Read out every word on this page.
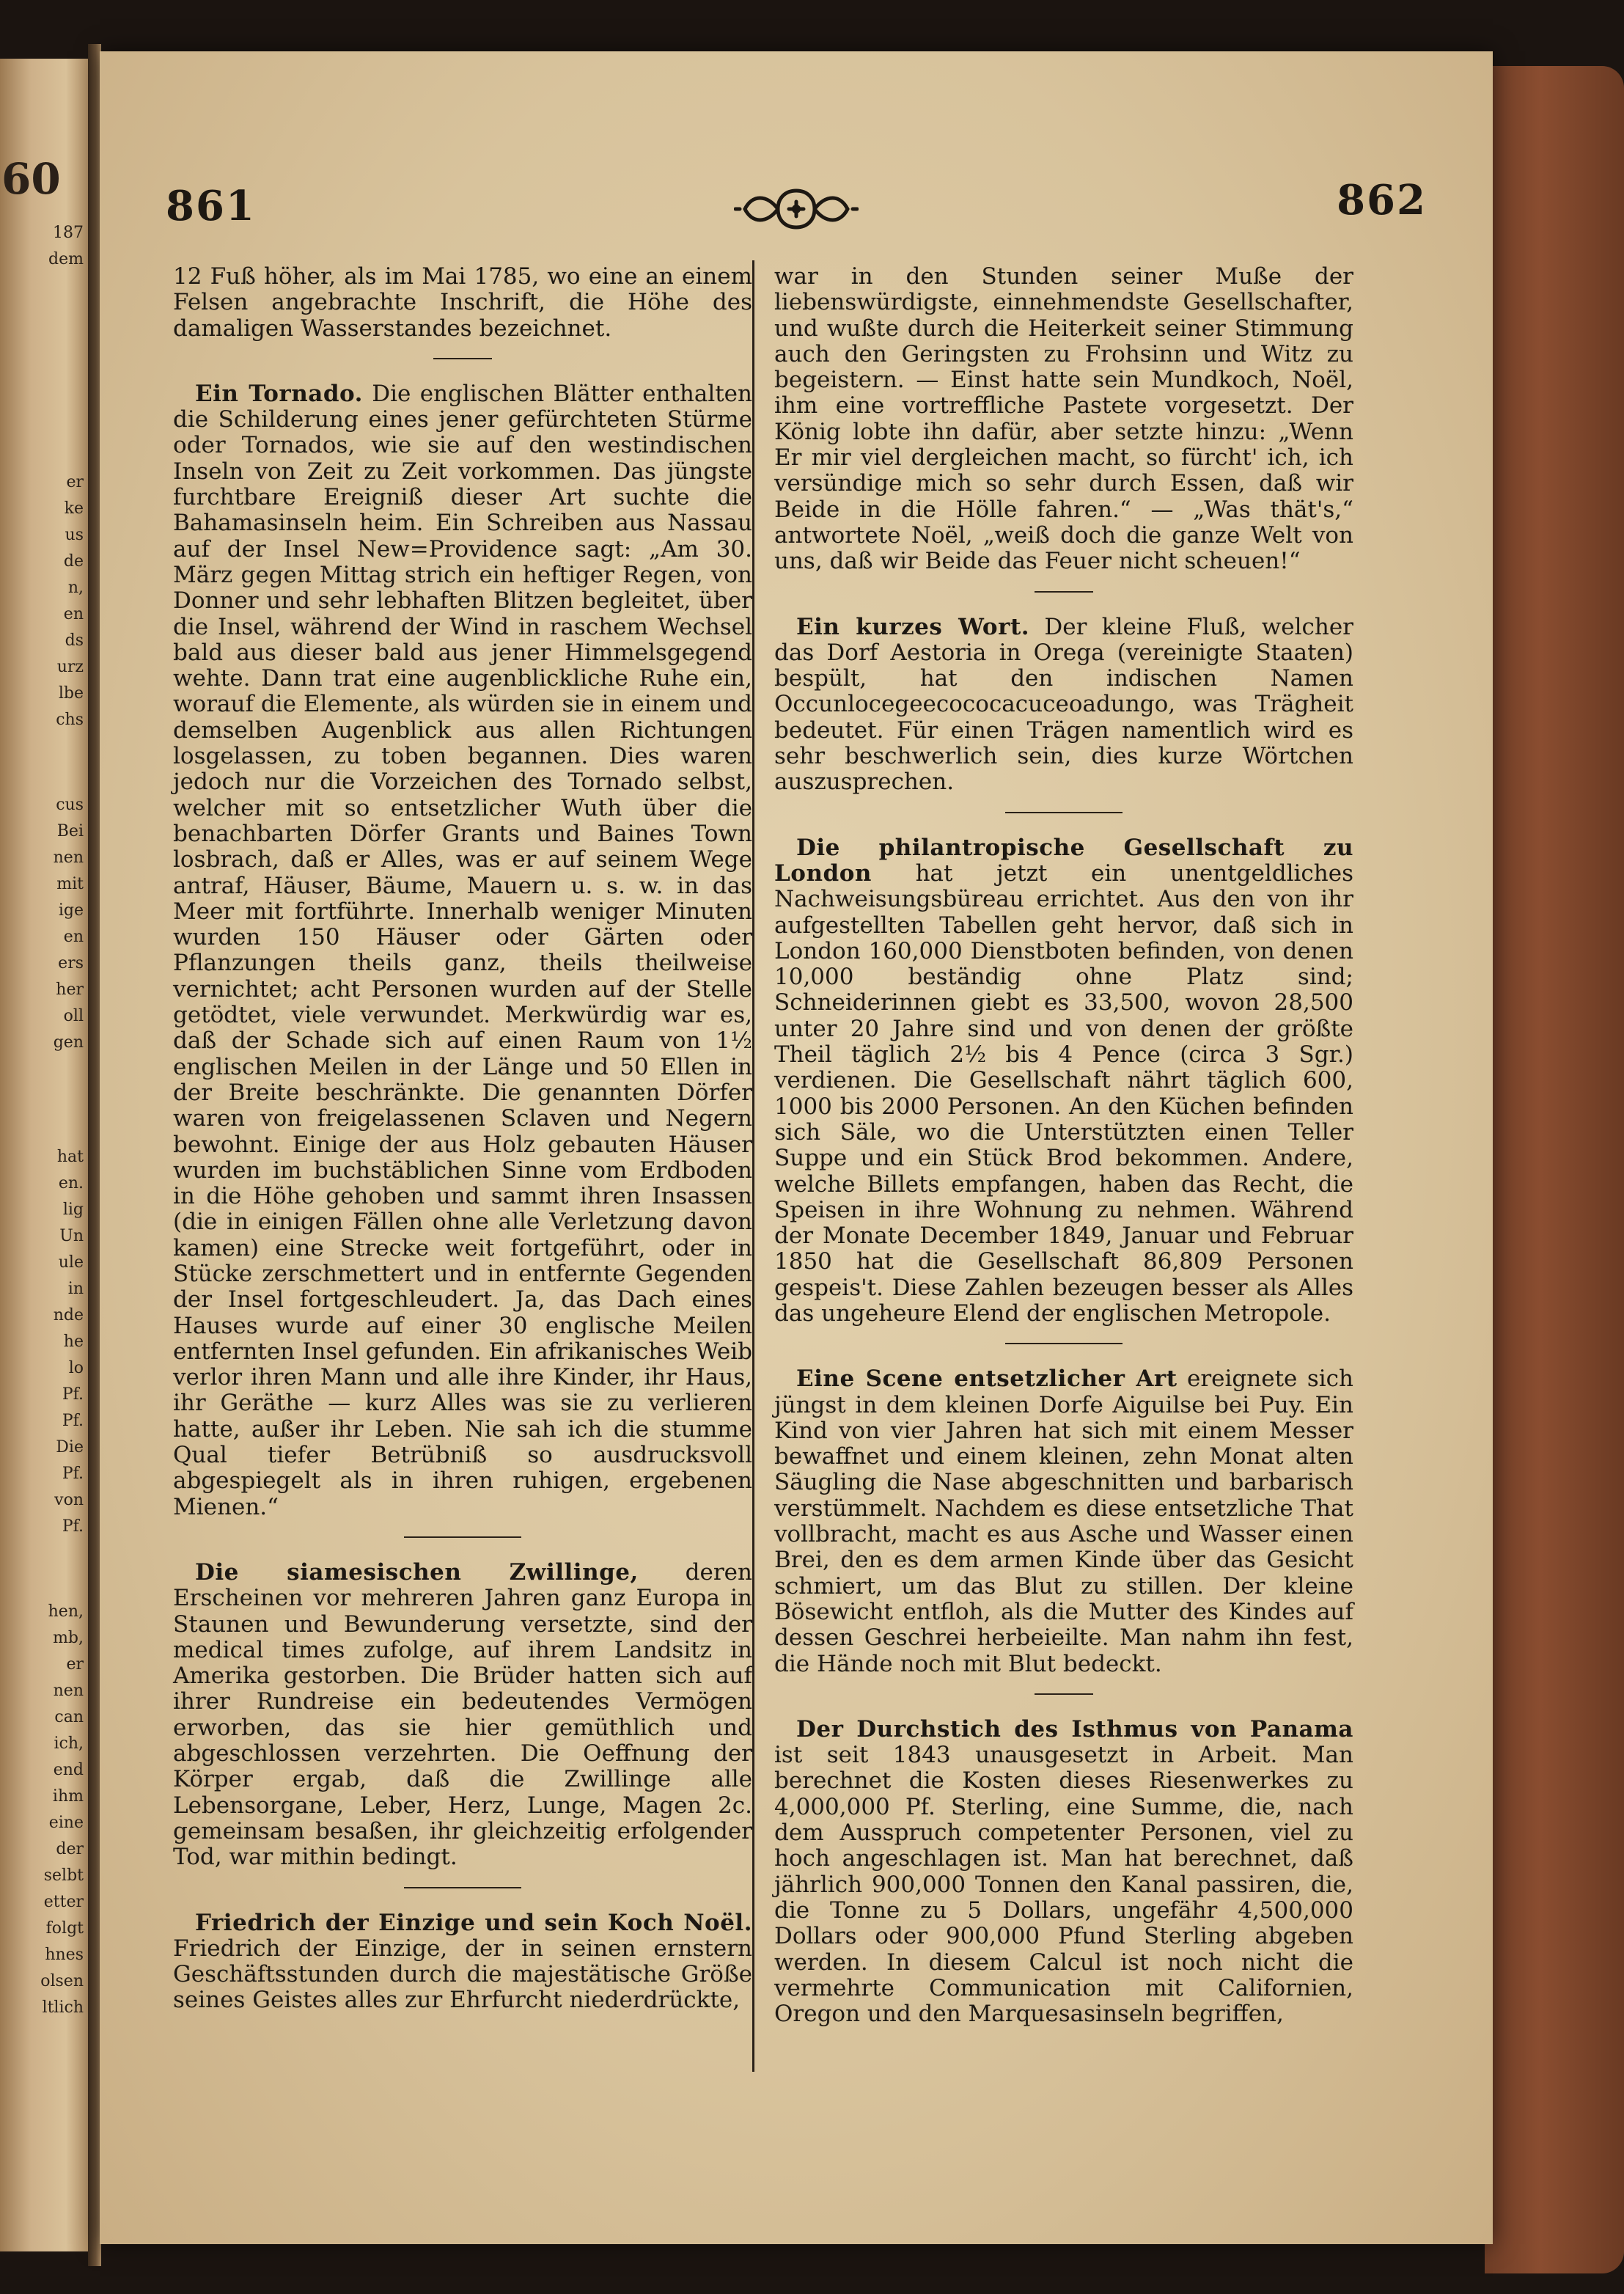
60
187
dem
er
ke
us
de
n,
en
ds
urz
lbe
chs
cus
Bei
nen
mit
ige
en
ers
her
oll
gen
hat
en.
lig
Un
ule
in
nde
he
lo
Pf.
Pf.
Die
Pf.
von
Pf.
hen,
mb,
er
nen
can
ich,
end
ihm
eine
der
selbt
etter
folgt
hnes
olsen
ltlich
861	862

12 Fuß höher, als im Mai 1785, wo eine an einem Felsen angebrachte Inschrift, die Höhe des damaligen Wasserstandes bezeichnet.

Ein Tornado. Die englischen Blätter enthalten die Schilderung eines jener gefürchteten Stürme oder Tornados, wie sie auf den westindischen Inseln von Zeit zu Zeit vorkommen. Das jüngste furchtbare Ereigniß dieser Art suchte die Bahamasinseln heim. Ein Schreiben aus Nassau auf der Insel New=Providence sagt: „Am 30. März gegen Mittag strich ein heftiger Regen, von Donner und sehr lebhaften Blitzen begleitet, über die Insel, während der Wind in raschem Wechsel bald aus dieser bald aus jener Himmelsgegend wehte. Dann trat eine augenblickliche Ruhe ein, worauf die Elemente, als würden sie in einem und demselben Augenblick aus allen Richtungen losgelassen, zu toben begannen. Dies waren jedoch nur die Vorzeichen des Tornado selbst, welcher mit so entsetzlicher Wuth über die benachbarten Dörfer Grants und Baines Town losbrach, daß er Alles, was er auf seinem Wege antraf, Häuser, Bäume, Mauern u. s. w. in das Meer mit fortführte. Innerhalb weniger Minuten wurden 150 Häuser oder Gärten oder Pflanzungen theils ganz, theils theilweise vernichtet; acht Personen wurden auf der Stelle getödtet, viele verwundet. Merkwürdig war es, daß der Schade sich auf einen Raum von 1½ englischen Meilen in der Länge und 50 Ellen in der Breite beschränkte. Die genannten Dörfer waren von freigelassenen Sclaven und Negern bewohnt. Einige der aus Holz gebauten Häuser wurden im buchstäblichen Sinne vom Erdboden in die Höhe gehoben und sammt ihren Insassen (die in einigen Fällen ohne alle Verletzung davon kamen) eine Strecke weit fortgeführt, oder in Stücke zerschmettert und in entfernte Gegenden der Insel fortgeschleudert. Ja, das Dach eines Hauses wurde auf einer 30 englische Meilen entfernten Insel gefunden. Ein afrikanisches Weib verlor ihren Mann und alle ihre Kinder, ihr Haus, ihr Geräthe — kurz Alles was sie zu verlieren hatte, außer ihr Leben. Nie sah ich die stumme Qual tiefer Betrübniß so ausdrucksvoll abgespiegelt als in ihren ruhigen, ergebenen Mienen.“

Die siamesischen Zwillinge, deren Erscheinen vor mehreren Jahren ganz Europa in Staunen und Bewunderung versetzte, sind der medical times zufolge, auf ihrem Landsitz in Amerika gestorben. Die Brüder hatten sich auf ihrer Rundreise ein bedeutendes Vermögen erworben, das sie hier gemüthlich und abgeschlossen verzehrten. Die Oeffnung der Körper ergab, daß die Zwillinge alle Lebensorgane, Leber, Herz, Lunge, Magen 2c. gemeinsam besaßen, ihr gleichzeitig erfolgender Tod, war mithin bedingt.

Friedrich der Einzige und sein Koch Noël. Friedrich der Einzige, der in seinen ernstern Geschäftsstunden durch die majestätische Größe seines Geistes alles zur Ehrfurcht niederdrückte,

war in den Stunden seiner Muße der liebenswürdigste, einnehmendste Gesellschafter, und wußte durch die Heiterkeit seiner Stimmung auch den Geringsten zu Frohsinn und Witz zu begeistern. — Einst hatte sein Mundkoch, Noël, ihm eine vortreffliche Pastete vorgesetzt. Der König lobte ihn dafür, aber setzte hinzu: „Wenn Er mir viel dergleichen macht, so fürcht' ich, ich versündige mich so sehr durch Essen, daß wir Beide in die Hölle fahren.“ — „Was thät's,“ antwortete Noël, „weiß doch die ganze Welt von uns, daß wir Beide das Feuer nicht scheuen!“

Ein kurzes Wort. Der kleine Fluß, welcher das Dorf Aestoria in Orega (vereinigte Staaten) bespült, hat den indischen Namen Occunlocegeecococacuceoadungo, was Trägheit bedeutet. Für einen Trägen namentlich wird es sehr beschwerlich sein, dies kurze Wörtchen auszusprechen.

Die philantropische Gesellschaft zu London hat jetzt ein unentgeldliches Nachweisungsbüreau errichtet. Aus den von ihr aufgestellten Tabellen geht hervor, daß sich in London 160,000 Dienstboten befinden, von denen 10,000 beständig ohne Platz sind; Schneiderinnen giebt es 33,500, wovon 28,500 unter 20 Jahre sind und von denen der größte Theil täglich 2½ bis 4 Pence (circa 3 Sgr.) verdienen. Die Gesellschaft nährt täglich 600, 1000 bis 2000 Personen. An den Küchen befinden sich Säle, wo die Unterstützten einen Teller Suppe und ein Stück Brod bekommen. Andere, welche Billets empfangen, haben das Recht, die Speisen in ihre Wohnung zu nehmen. Während der Monate December 1849, Januar und Februar 1850 hat die Gesellschaft 86,809 Personen gespeis't. Diese Zahlen bezeugen besser als Alles das ungeheure Elend der englischen Metropole.

Eine Scene entsetzlicher Art ereignete sich jüngst in dem kleinen Dorfe Aiguilse bei Puy. Ein Kind von vier Jahren hat sich mit einem Messer bewaffnet und einem kleinen, zehn Monat alten Säugling die Nase abgeschnitten und barbarisch verstümmelt. Nachdem es diese entsetzliche That vollbracht, macht es aus Asche und Wasser einen Brei, den es dem armen Kinde über das Gesicht schmiert, um das Blut zu stillen. Der kleine Bösewicht entfloh, als die Mutter des Kindes auf dessen Geschrei herbeieilte. Man nahm ihn fest, die Hände noch mit Blut bedeckt.

Der Durchstich des Isthmus von Panama ist seit 1843 unausgesetzt in Arbeit. Man berechnet die Kosten dieses Riesenwerkes zu 4,000,000 Pf. Sterling, eine Summe, die, nach dem Ausspruch competenter Personen, viel zu hoch angeschlagen ist. Man hat berechnet, daß jährlich 900,000 Tonnen den Kanal passiren, die, die Tonne zu 5 Dollars, ungefähr 4,500,000 Dollars oder 900,000 Pfund Sterling abgeben werden. In diesem Calcul ist noch nicht die vermehrte Communication mit Californien, Oregon und den Marquesasinseln begriffen,
